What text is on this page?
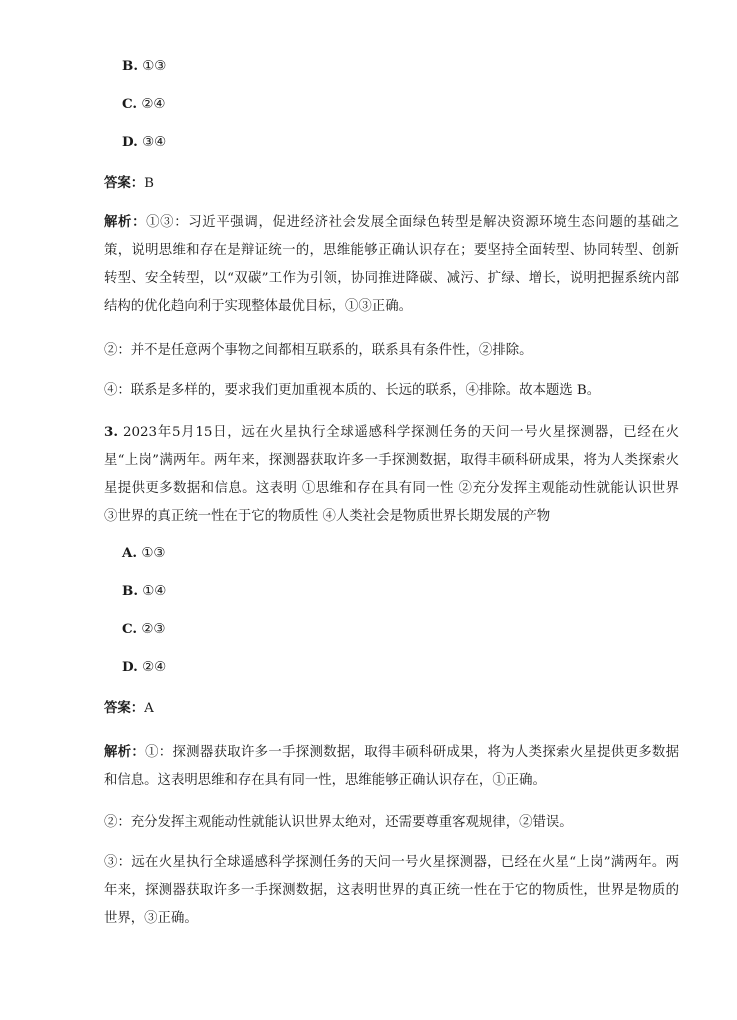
B. ①③
C. ②④
D. ③④
答案：B
解析：①③：习近平强调，促进经济社会发展全面绿色转型是解决资源环境生态问题的基础之策，说明思维和存在是辩证统一的，思维能够正确认识存在；要坚持全面转型、协同转型、创新转型、安全转型，以“双碳”工作为引领，协同推进降碳、减污、扩绿、增长，说明把握系统内部结构的优化趋向利于实现整体最优目标，①③正确。
②：并不是任意两个事物之间都相互联系的，联系具有条件性，②排除。
④：联系是多样的，要求我们更加重视本质的、长远的联系，④排除。故本题选 B。
3. 2023年5月15日，远在火星执行全球遥感科学探测任务的天问一号火星探测器，已经在火星“上岗”满两年。两年来，探测器获取许多一手探测数据，取得丰硕科研成果，将为人类探索火星提供更多数据和信息。这表明 ①思维和存在具有同一性 ②充分发挥主观能动性就能认识世界 ③世界的真正统一性在于它的物质性 ④人类社会是物质世界长期发展的产物
A. ①③
B. ①④
C. ②③
D. ②④
答案：A
解析：①：探测器获取许多一手探测数据，取得丰硕科研成果，将为人类探索火星提供更多数据和信息。这表明思维和存在具有同一性，思维能够正确认识存在，①正确。
②：充分发挥主观能动性就能认识世界太绝对，还需要尊重客观规律，②错误。
③：远在火星执行全球遥感科学探测任务的天问一号火星探测器，已经在火星“上岗”满两年。两年来，探测器获取许多一手探测数据，这表明世界的真正统一性在于它的物质性，世界是物质的世界，③正确。
